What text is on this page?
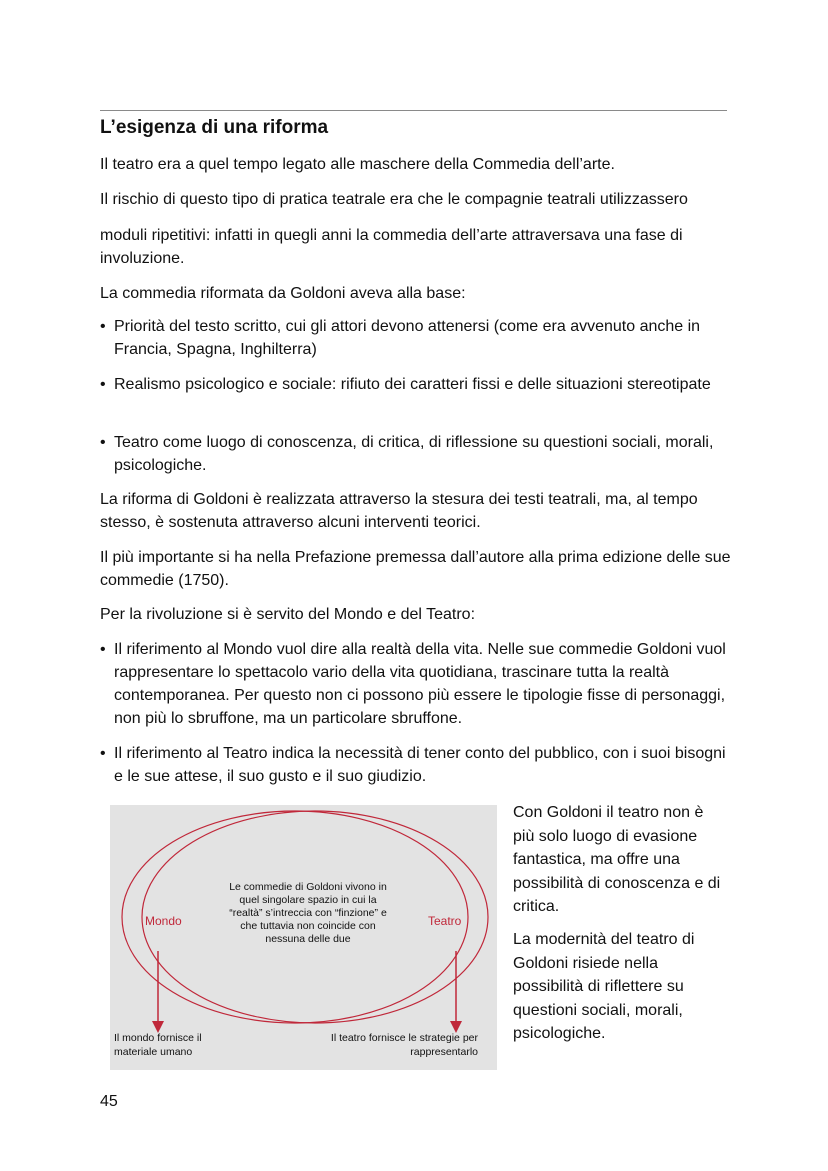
L’esigenza di una riforma

Il teatro era a quel tempo legato alle maschere della Commedia dell’arte.

Il rischio di questo tipo di pratica teatrale era che le compagnie teatrali utilizzassero

moduli ripetitivi: infatti in quegli anni la commedia dell’arte attraversava una fase di involuzione.

La commedia riformata da Goldoni aveva alla base:

• Priorità del testo scritto, cui gli attori devono attenersi (come era avvenuto anche in Francia, Spagna, Inghilterra)
• Realismo psicologico e sociale: rifiuto dei caratteri fissi e delle situazioni stereotipate
• Teatro come luogo di conoscenza, di critica, di riflessione su questioni sociali, morali, psicologiche.

La riforma di Goldoni è realizzata attraverso la stesura dei testi teatrali, ma, al tempo stesso, è sostenuta attraverso alcuni interventi teorici.

Il più importante si ha nella Prefazione premessa dall’autore alla prima edizione delle sue commedie (1750).

Per la rivoluzione si è servito del Mondo e del Teatro:

• Il riferimento al Mondo vuol dire alla realtà della vita. Nelle sue commedie Goldoni vuol rappresentare lo spettacolo vario della vita quotidiana, trascinare tutta la realtà contemporanea. Per questo non ci possono più essere le tipologie fisse di personaggi, non più lo sbruffone, ma un particolare sbruffone.
• Il riferimento al Teatro indica la necessità di tener conto del pubblico, con i suoi bisogni e le sue attese, il suo gusto e il suo giudizio.
Le commedie di Goldoni vivono in quel singolare spazio in cui la “realtà” s’intreccia con “finzione” e che tuttavia non coincide con nessuna delle due
Mondo	Teatro
Il mondo fornisce il materiale umano
Il teatro fornisce le strategie per rappresentarlo

Con Goldoni il teatro non è più solo luogo di evasione fantastica, ma offre una possibilità di conoscenza e di critica.

La modernità del teatro di Goldoni risiede nella possibilità di riflettere su questioni sociali, morali, psicologiche.

45
